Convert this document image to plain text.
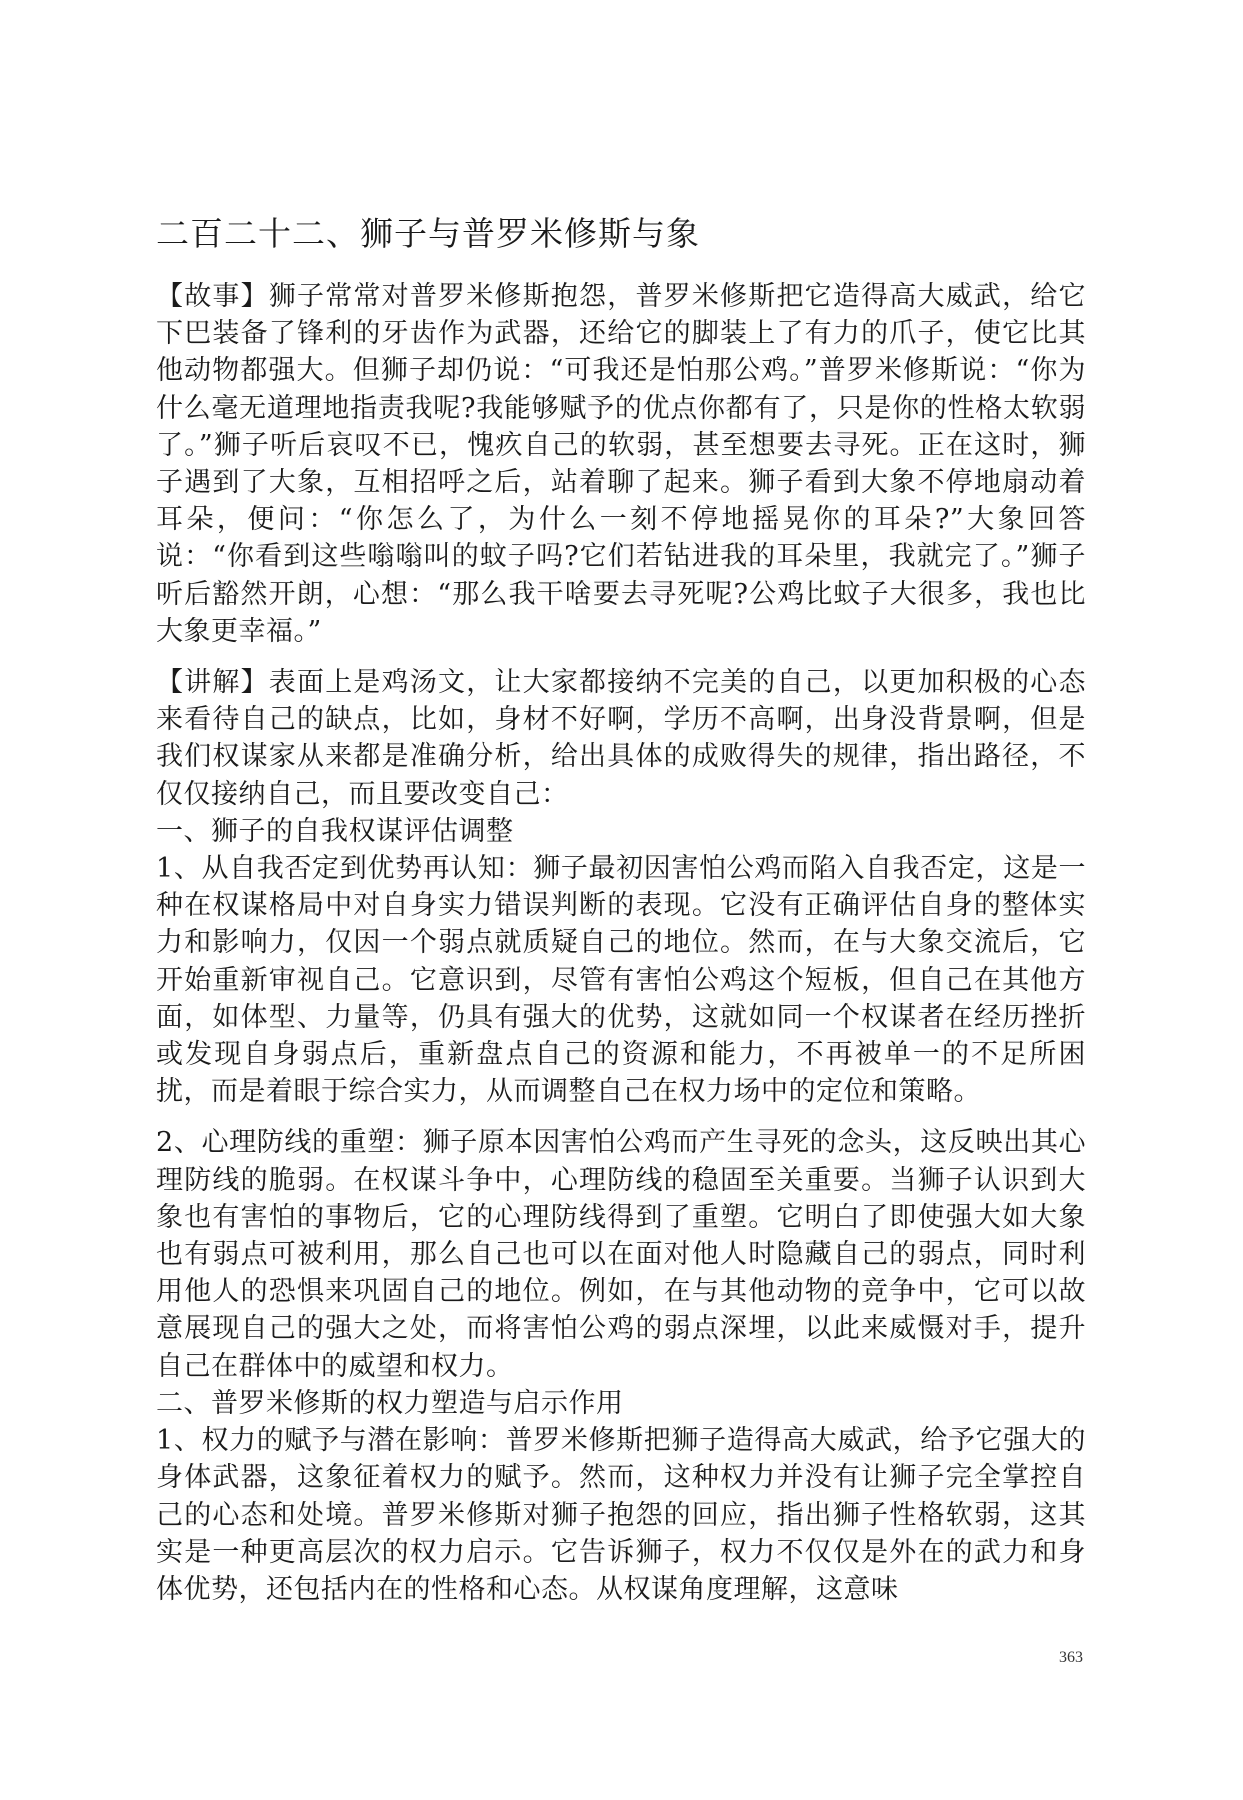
二百二十二、狮子与普罗米修斯与象

【故事】狮子常常对普罗米修斯抱怨，普罗米修斯把它造得高大威武，给它下巴装备了锋利的牙齿作为武器，还给它的脚装上了有力的爪子，使它比其他动物都强大。但狮子却仍说：“可我还是怕那公鸡。”普罗米修斯说：“你为什么毫无道理地指责我呢?我能够赋予的优点你都有了，只是你的性格太软弱了。”狮子听后哀叹不已，愧疚自己的软弱，甚至想要去寻死。正在这时，狮子遇到了大象，互相招呼之后，站着聊了起来。狮子看到大象不停地扇动着耳朵，便问：“你怎么了，为什么一刻不停地摇晃你的耳朵?”大象回答说：“你看到这些嗡嗡叫的蚊子吗?它们若钻进我的耳朵里，我就完了。”狮子听后豁然开朗，心想：“那么我干啥要去寻死呢?公鸡比蚊子大很多，我也比大象更幸福。”

【讲解】表面上是鸡汤文，让大家都接纳不完美的自己，以更加积极的心态来看待自己的缺点，比如，身材不好啊，学历不高啊，出身没背景啊，但是我们权谋家从来都是准确分析，给出具体的成败得失的规律，指出路径，不仅仅接纳自己，而且要改变自己：

一、狮子的自我权谋评估调整

1、从自我否定到优势再认知：狮子最初因害怕公鸡而陷入自我否定，这是一种在权谋格局中对自身实力错误判断的表现。它没有正确评估自身的整体实力和影响力，仅因一个弱点就质疑自己的地位。然而，在与大象交流后，它开始重新审视自己。它意识到，尽管有害怕公鸡这个短板，但自己在其他方面，如体型、力量等，仍具有强大的优势，这就如同一个权谋者在经历挫折或发现自身弱点后，重新盘点自己的资源和能力，不再被单一的不足所困扰，而是着眼于综合实力，从而调整自己在权力场中的定位和策略。

2、心理防线的重塑：狮子原本因害怕公鸡而产生寻死的念头，这反映出其心理防线的脆弱。在权谋斗争中，心理防线的稳固至关重要。当狮子认识到大象也有害怕的事物后，它的心理防线得到了重塑。它明白了即使强大如大象也有弱点可被利用，那么自己也可以在面对他人时隐藏自己的弱点，同时利用他人的恐惧来巩固自己的地位。例如，在与其他动物的竞争中，它可以故意展现自己的强大之处，而将害怕公鸡的弱点深埋，以此来威慑对手，提升自己在群体中的威望和权力。

二、普罗米修斯的权力塑造与启示作用

1、权力的赋予与潜在影响：普罗米修斯把狮子造得高大威武，给予它强大的身体武器，这象征着权力的赋予。然而，这种权力并没有让狮子完全掌控自己的心态和处境。普罗米修斯对狮子抱怨的回应，指出狮子性格软弱，这其实是一种更高层次的权力启示。它告诉狮子，权力不仅仅是外在的武力和身体优势，还包括内在的性格和心态。从权谋角度理解，这意味

363
